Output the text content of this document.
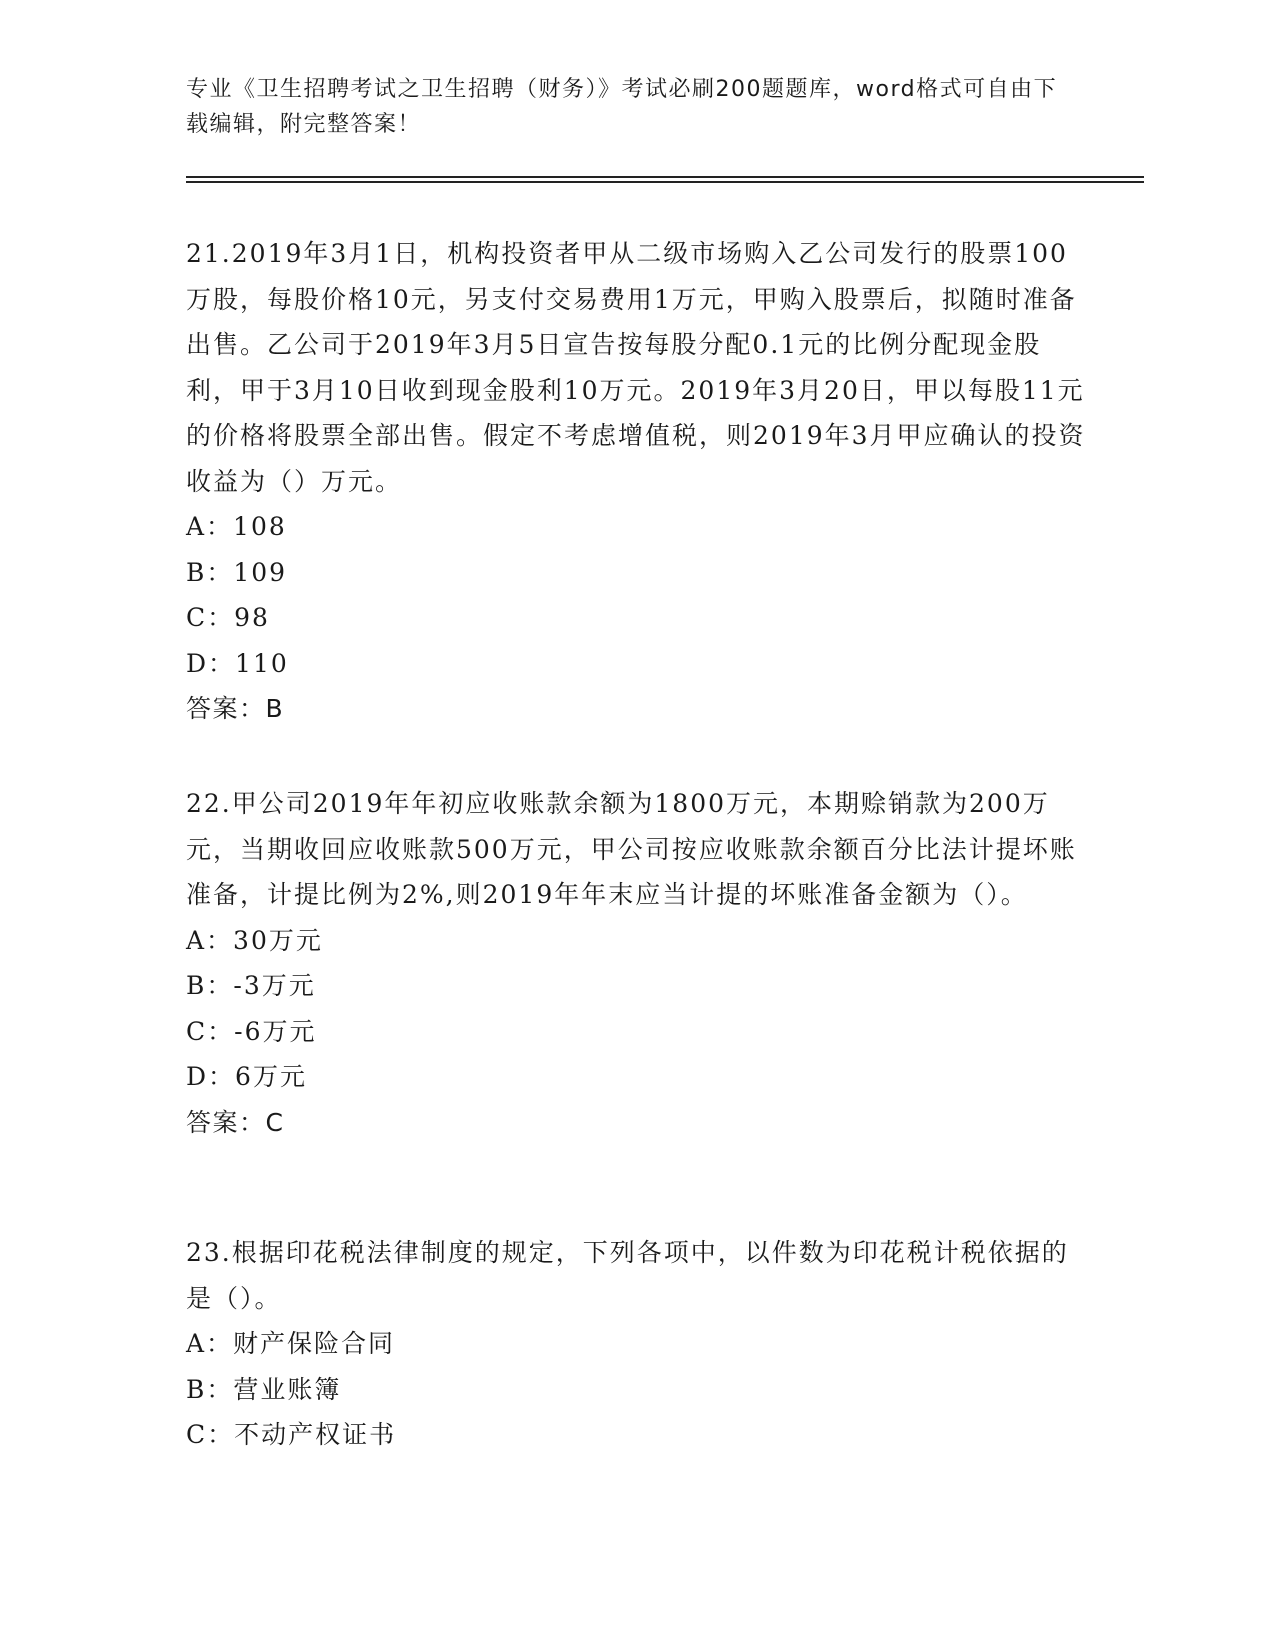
专业《卫生招聘考试之卫生招聘（财务）》考试必刷200题题库，word格式可自由下载编辑，附完整答案！

21.2019年3月1日，机构投资者甲从二级市场购入乙公司发行的股票100万股，每股价格10元，另支付交易费用1万元，甲购入股票后，拟随时准备出售。乙公司于2019年3月5日宣告按每股分配0.1元的比例分配现金股利，甲于3月10日收到现金股利10万元。2019年3月20日，甲以每股11元的价格将股票全部出售。假定不考虑增值税，则2019年3月甲应确认的投资收益为（）万元。

A：108

B：109

C：98

D：110

答案：B

22.甲公司2019年年初应收账款余额为1800万元，本期赊销款为200万元，当期收回应收账款500万元，甲公司按应收账款余额百分比法计提坏账准备，计提比例为2%,则2019年年末应当计提的坏账准备金额为（）。

A：30万元

B：-3万元

C：-6万元

D：6万元

答案：C

23.根据印花税法律制度的规定，下列各项中，以件数为印花税计税依据的是（）。

A：财产保险合同

B：营业账簿

C：不动产权证书
